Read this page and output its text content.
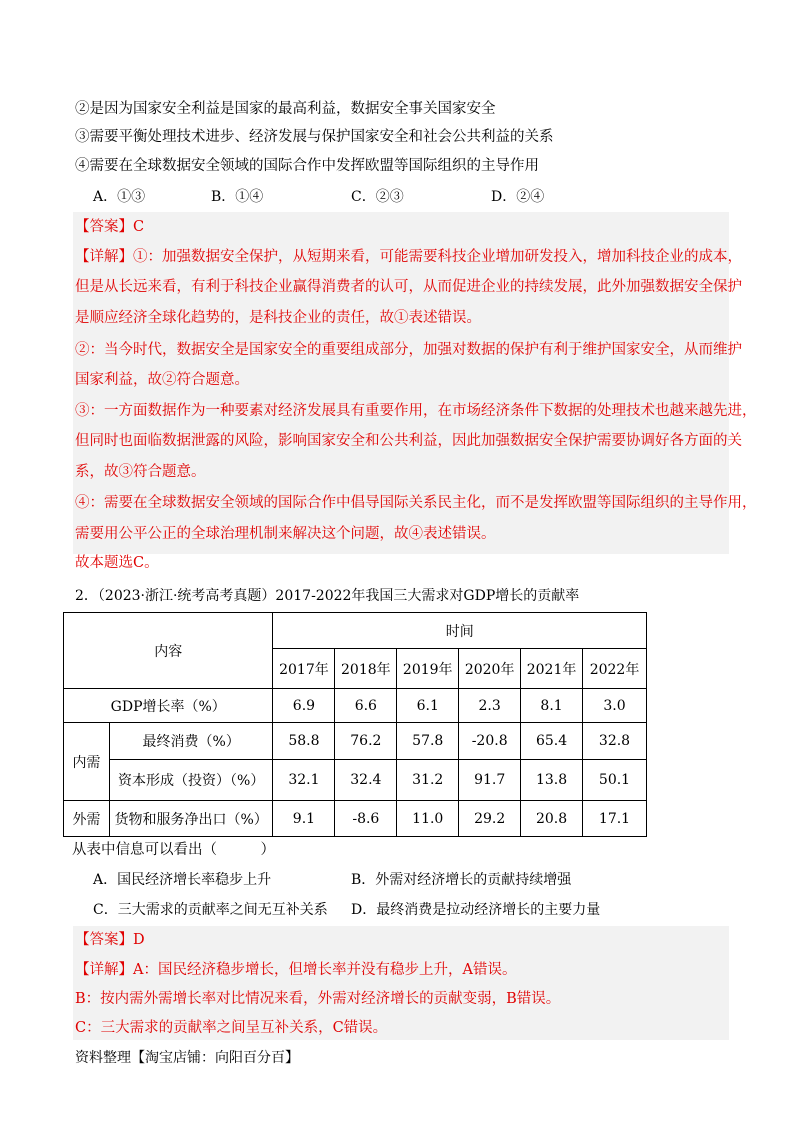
②是因为国家安全利益是国家的最高利益，数据安全事关国家安全
③需要平衡处理技术进步、经济发展与保护国家安全和社会公共利益的关系
④需要在全球数据安全领域的国际合作中发挥欧盟等国际组织的主导作用
A．①③	B．①④	C．②③	D．②④
【答案】C
【详解】①：加强数据安全保护，从短期来看，可能需要科技企业增加研发投入，增加科技企业的成本，
但是从长远来看，有利于科技企业赢得消费者的认可，从而促进企业的持续发展，此外加强数据安全保护
是顺应经济全球化趋势的，是科技企业的责任，故①表述错误。
②：当今时代，数据安全是国家安全的重要组成部分，加强对数据的保护有利于维护国家安全，从而维护
国家利益，故②符合题意。
③：一方面数据作为一种要素对经济发展具有重要作用，在市场经济条件下数据的处理技术也越来越先进，
但同时也面临数据泄露的风险，影响国家安全和公共利益，因此加强数据安全保护需要协调好各方面的关
系，故③符合题意。
④：需要在全球数据安全领域的国际合作中倡导国际关系民主化，而不是发挥欧盟等国际组织的主导作用，
需要用公平公正的全球治理机制来解决这个问题，故④表述错误。
故本题选C。
2．（2023·浙江·统考高考真题）2017-2022年我国三大需求对GDP增长的贡献率
内容		时间					
		2017年	2018年	2019年	2020年	2021年	2022年
GDP增长率（%）		6.9	6.6	6.1	2.3	8.1	3.0
内需	最终消费（%）	58.8	76.2	57.8	-20.8	65.4	32.8
	资本形成（投资）（%）	32.1	32.4	31.2	91.7	13.8	50.1
外需	货物和服务净出口（%）	9.1	-8.6	11.0	29.2	20.8	17.1
从表中信息可以看出（　　　）
A．国民经济增长率稳步上升	B．外需对经济增长的贡献持续增强
C．三大需求的贡献率之间无互补关系 D．最终消费是拉动经济增长的主要力量
【答案】D
【详解】A：国民经济稳步增长，但增长率并没有稳步上升，A错误。
B：按内需外需增长率对比情况来看，外需对经济增长的贡献变弱，B错误。
C：三大需求的贡献率之间呈互补关系，C错误。
资料整理【淘宝店铺：向阳百分百】
